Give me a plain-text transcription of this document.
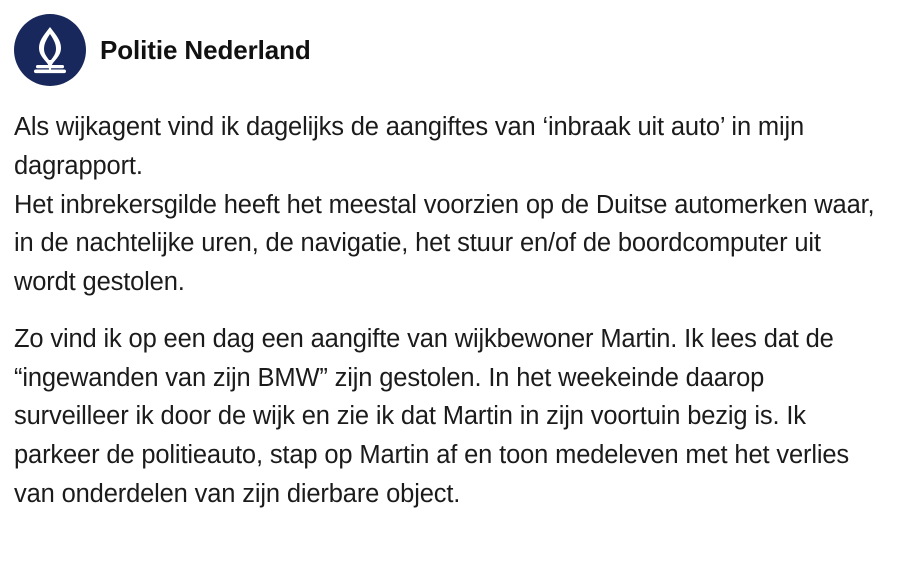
Politie Nederland

Als wijkagent vind ik dagelijks de aangiftes van ‘inbraak uit auto’ in mijn dagrapport.
Het inbrekersgilde heeft het meestal voorzien op de Duitse automerken waar, in de nachtelijke uren, de navigatie, het stuur en/of de boordcomputer uit wordt gestolen.

Zo vind ik op een dag een aangifte van wijkbewoner Martin. Ik lees dat de “ingewanden van zijn BMW” zijn gestolen. In het weekeinde daarop surveilleer ik door de wijk en zie ik dat Martin in zijn voortuin bezig is. Ik parkeer de politieauto, stap op Martin af en toon medeleven met het verlies van onderdelen van zijn dierbare object.
